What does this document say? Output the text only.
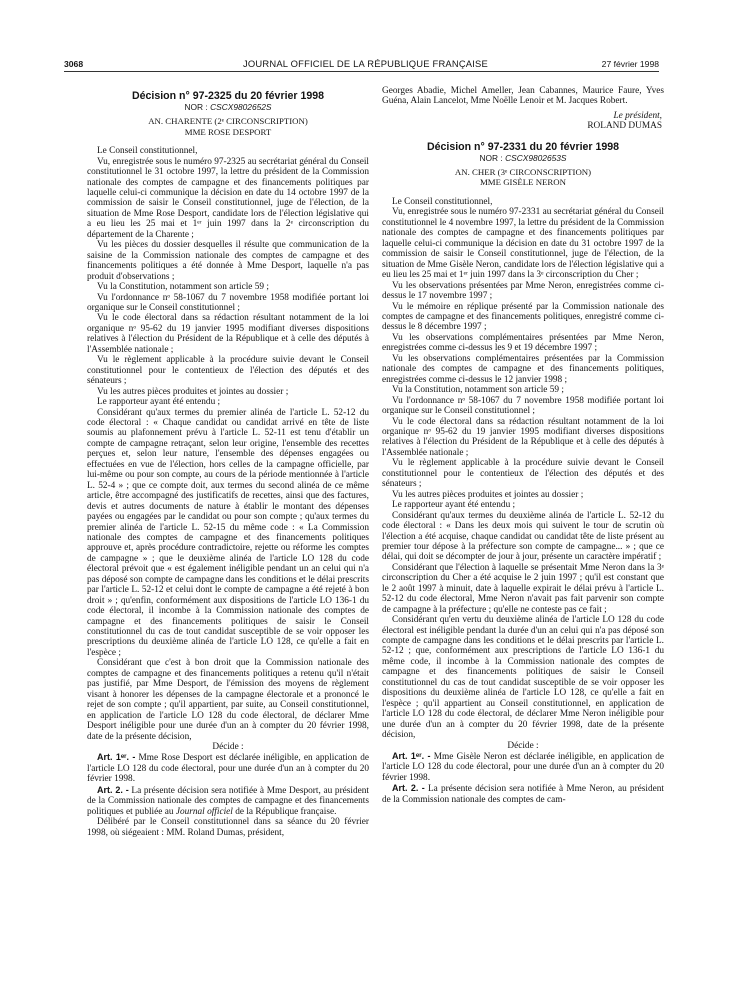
3068	JOURNAL OFFICIEL DE LA RÉPUBLIQUE FRANÇAISE	27 février 1998

Décision n° 97-2325 du 20 février 1998

NOR : CSCX9802652S

AN. CHARENTE (2ᵉ CIRCONSCRIPTION)

MME ROSE DESPORT

Le Conseil constitutionnel,

Vu, enregistrée sous le numéro 97-2325 au secrétariat général du Conseil constitutionnel le 31 octobre 1997, la lettre du président de la Commission nationale des comptes de campagne et des financements politiques par laquelle celui-ci communique la décision en date du 14 octobre 1997 de la commission de saisir le Conseil constitutionnel, juge de l'élection, de la situation de Mme Rose Desport, candidate lors de l'élection législative qui a eu lieu les 25 mai et 1ᵉʳ juin 1997 dans la 2ᵉ circonscription du département de la Charente ;

Vu les pièces du dossier desquelles il résulte que communication de la saisine de la Commission nationale des comptes de campagne et des financements politiques a été donnée à Mme Desport, laquelle n'a pas produit d'observations ;

Vu la Constitution, notamment son article 59 ;

Vu l'ordonnance nᵒ 58-1067 du 7 novembre 1958 modifiée portant loi organique sur le Conseil constitutionnel ;

Vu le code électoral dans sa rédaction résultant notamment de la loi organique nᵒ 95-62 du 19 janvier 1995 modifiant diverses dispositions relatives à l'élection du Président de la République et à celle des députés à l'Assemblée nationale ;

Vu le règlement applicable à la procédure suivie devant le Conseil constitutionnel pour le contentieux de l'élection des députés et des sénateurs ;

Vu les autres pièces produites et jointes au dossier ;

Le rapporteur ayant été entendu ;

Considérant qu'aux termes du premier alinéa de l'article L. 52-12 du code électoral : « Chaque candidat ou candidat arrivé en tête de liste soumis au plafonnement prévu à l'article L. 52-11 est tenu d'établir un compte de campagne retraçant, selon leur origine, l'ensemble des recettes perçues et, selon leur nature, l'ensemble des dépenses engagées ou effectuées en vue de l'élection, hors celles de la campagne officielle, par lui-même ou pour son compte, au cours de la période mentionnée à l'article L. 52-4 » ; que ce compte doit, aux termes du second alinéa de ce même article, être accompagné des justificatifs de recettes, ainsi que des factures, devis et autres documents de nature à établir le montant des dépenses payées ou engagées par le candidat ou pour son compte ; qu'aux termes du premier alinéa de l'article L. 52-15 du même code : « La Commission nationale des comptes de campagne et des financements politiques approuve et, après procédure contradictoire, rejette ou réforme les comptes de campagne » ; que le deuxième alinéa de l'article LO 128 du code électoral prévoit que « est également inéligible pendant un an celui qui n'a pas déposé son compte de campagne dans les conditions et le délai prescrits par l'article L. 52-12 et celui dont le compte de campagne a été rejeté à bon droit » ; qu'enfin, conformément aux dispositions de l'article LO 136-1 du code électoral, il incombe à la Commission nationale des comptes de campagne et des financements politiques de saisir le Conseil constitutionnel du cas de tout candidat susceptible de se voir opposer les prescriptions du deuxième alinéa de l'article LO 128, ce qu'elle a fait en l'espèce ;

Considérant que c'est à bon droit que la Commission nationale des comptes de campagne et des financements politiques a retenu qu'il n'était pas justifié, par Mme Desport, de l'émission des moyens de règlement visant à honorer les dépenses de la campagne électorale et a prononcé le rejet de son compte ; qu'il appartient, par suite, au Conseil constitutionnel, en application de l'article LO 128 du code électoral, de déclarer Mme Desport inéligible pour une durée d'un an à compter du 20 février 1998, date de la présente décision,

Décide :

Art. 1ᵉʳ. - Mme Rose Desport est déclarée inéligible, en application de l'article LO 128 du code électoral, pour une durée d'un an à compter du 20 février 1998.

Art. 2. - La présente décision sera notifiée à Mme Desport, au président de la Commission nationale des comptes de campagne et des financements politiques et publiée au Journal officiel de la République française.

Délibéré par le Conseil constitutionnel dans sa séance du 20 février 1998, où siégeaient : MM. Roland Dumas, président,

Georges Abadie, Michel Ameller, Jean Cabannes, Maurice Faure, Yves Guéna, Alain Lancelot, Mme Noëlle Lenoir et M. Jacques Robert.

Le président,

ROLAND DUMAS

Décision n° 97-2331 du 20 février 1998

NOR : CSCX9802653S

AN. CHER (3ᵉ CIRCONSCRIPTION)

MME GISÈLE NERON

Le Conseil constitutionnel,

Vu, enregistrée sous le numéro 97-2331 au secrétariat général du Conseil constitutionnel le 4 novembre 1997, la lettre du président de la Commission nationale des comptes de campagne et des financements politiques par laquelle celui-ci communique la décision en date du 31 octobre 1997 de la commission de saisir le Conseil constitutionnel, juge de l'élection, de la situation de Mme Gisèle Neron, candidate lors de l'élection législative qui a eu lieu les 25 mai et 1ᵉʳ juin 1997 dans la 3ᵉ circonscription du Cher ;

Vu les observations présentées par Mme Neron, enregistrées comme ci-dessus le 17 novembre 1997 ;

Vu le mémoire en réplique présenté par la Commission nationale des comptes de campagne et des financements politiques, enregistré comme ci-dessus le 8 décembre 1997 ;

Vu les observations complémentaires présentées par Mme Neron, enregistrées comme ci-dessus les 9 et 19 décembre 1997 ;

Vu les observations complémentaires présentées par la Commission nationale des comptes de campagne et des financements politiques, enregistrées comme ci-dessus le 12 janvier 1998 ;

Vu la Constitution, notamment son article 59 ;

Vu l'ordonnance nᵒ 58-1067 du 7 novembre 1958 modifiée portant loi organique sur le Conseil constitutionnel ;

Vu le code électoral dans sa rédaction résultant notamment de la loi organique nᵒ 95-62 du 19 janvier 1995 modifiant diverses dispositions relatives à l'élection du Président de la République et à celle des députés à l'Assemblée nationale ;

Vu le règlement applicable à la procédure suivie devant le Conseil constitutionnel pour le contentieux de l'élection des députés et des sénateurs ;

Vu les autres pièces produites et jointes au dossier ;

Le rapporteur ayant été entendu ;

Considérant qu'aux termes du deuxième alinéa de l'article L. 52-12 du code électoral : « Dans les deux mois qui suivent le tour de scrutin où l'élection a été acquise, chaque candidat ou candidat tête de liste présent au premier tour dépose à la préfecture son compte de campagne... » ; que ce délai, qui doit se décompter de jour à jour, présente un caractère impératif ;

Considérant que l'élection à laquelle se présentait Mme Neron dans la 3ᵉ circonscription du Cher a été acquise le 2 juin 1997 ; qu'il est constant que le 2 août 1997 à minuit, date à laquelle expirait le délai prévu à l'article L. 52-12 du code électoral, Mme Neron n'avait pas fait parvenir son compte de campagne à la préfecture ; qu'elle ne conteste pas ce fait ;

Considérant qu'en vertu du deuxième alinéa de l'article LO 128 du code électoral est inéligible pendant la durée d'un an celui qui n'a pas déposé son compte de campagne dans les conditions et le délai prescrits par l'article L. 52-12 ; que, conformément aux prescriptions de l'article LO 136-1 du même code, il incombe à la Commission nationale des comptes de campagne et des financements politiques de saisir le Conseil constitutionnel du cas de tout candidat susceptible de se voir opposer les dispositions du deuxième alinéa de l'article LO 128, ce qu'elle a fait en l'espèce ; qu'il appartient au Conseil constitutionnel, en application de l'article LO 128 du code électoral, de déclarer Mme Neron inéligible pour une durée d'un an à compter du 20 février 1998, date de la présente décision,

Décide :

Art. 1ᵉʳ. - Mme Gisèle Neron est déclarée inéligible, en application de l'article LO 128 du code électoral, pour une durée d'un an à compter du 20 février 1998.

Art. 2. - La présente décision sera notifiée à Mme Neron, au président de la Commission nationale des comptes de cam-
